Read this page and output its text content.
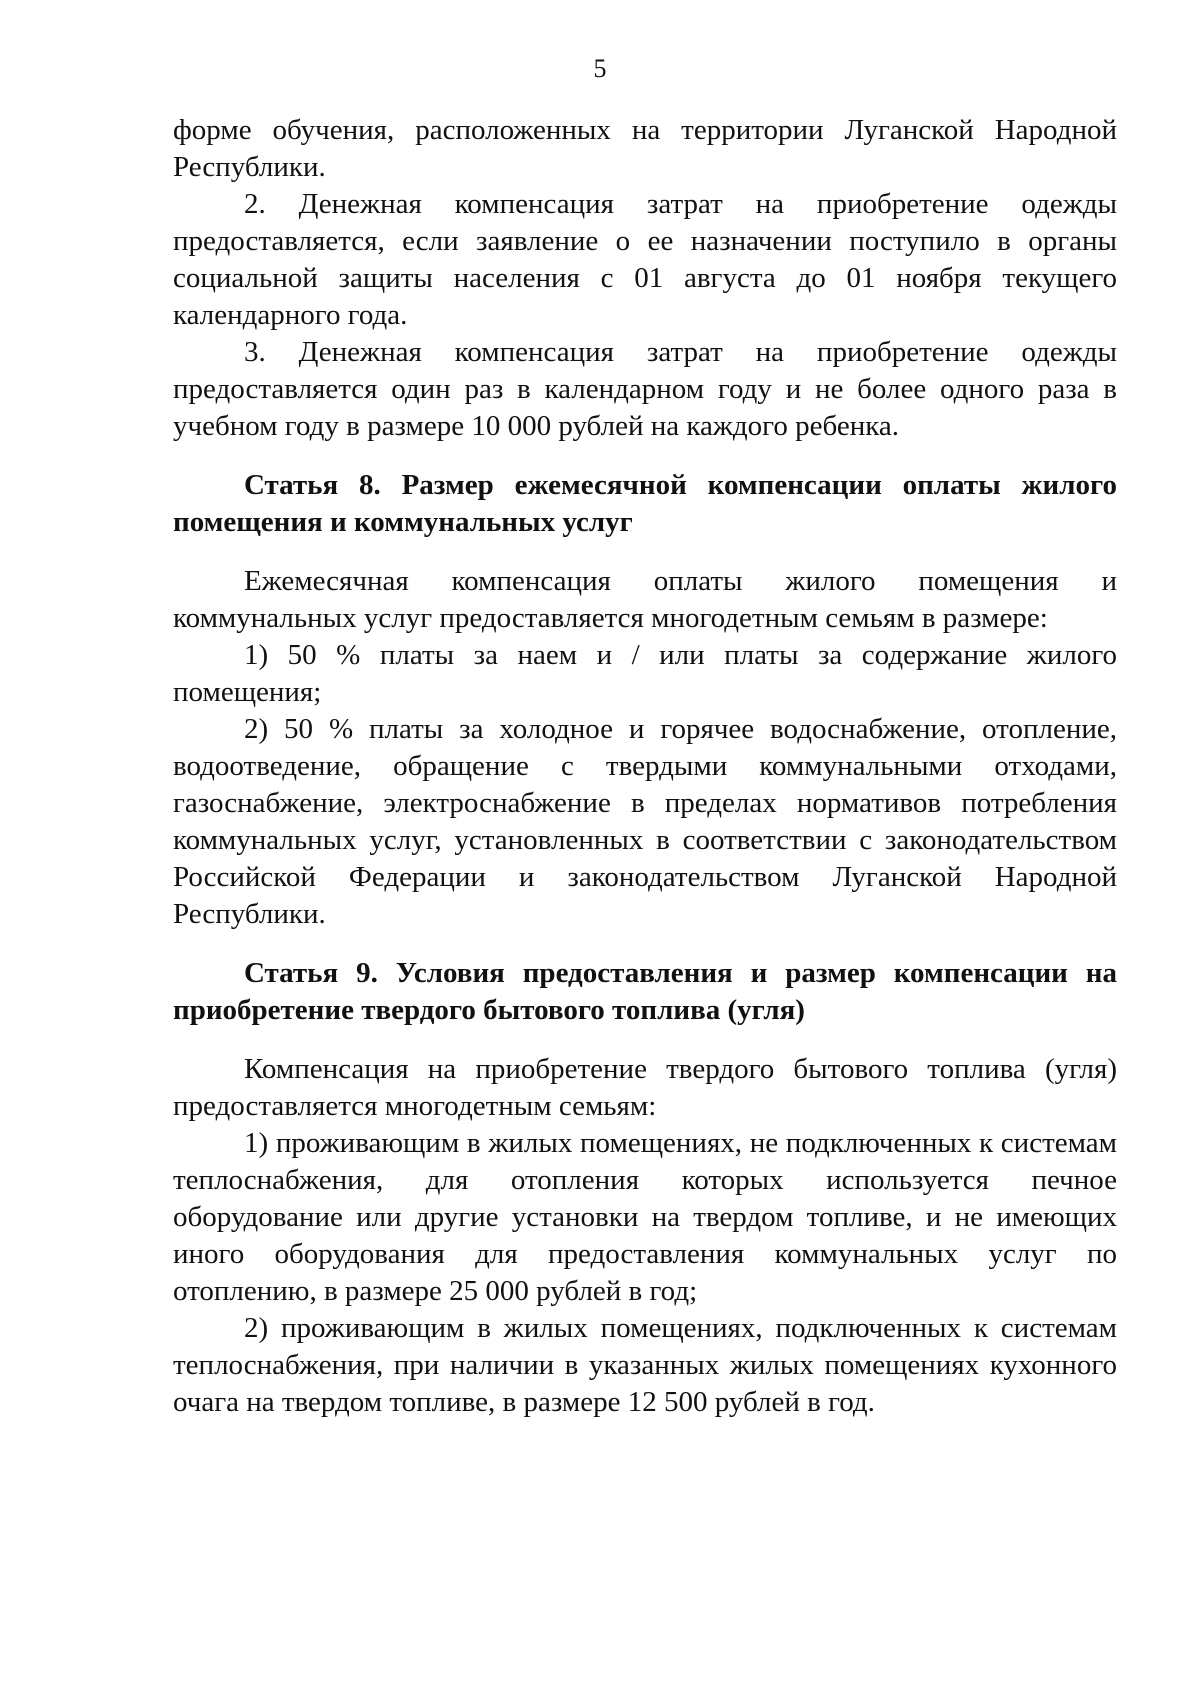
5

форме обучения, расположенных на территории Луганской Народной Республики.

2. Денежная компенсация затрат на приобретение одежды предоставляется, если заявление о ее назначении поступило в органы социальной защиты населения с 01 августа до 01 ноября текущего календарного года.

3. Денежная компенсация затрат на приобретение одежды предоставляется один раз в календарном году и не более одного раза в учебном году в размере 10 000 рублей на каждого ребенка.

Статья 8. Размер ежемесячной компенсации оплаты жилого помещения и коммунальных услуг

Ежемесячная компенсация оплаты жилого помещения и коммунальных услуг предоставляется многодетным семьям в размере:

1) 50 % платы за наем и / или платы за содержание жилого помещения;

2) 50 % платы за холодное и горячее водоснабжение, отопление, водоотведение, обращение с твердыми коммунальными отходами, газоснабжение, электроснабжение в пределах нормативов потребления коммунальных услуг, установленных в соответствии с законодательством Российской Федерации и законодательством Луганской Народной Республики.

Статья 9. Условия предоставления и размер компенсации на приобретение твердого бытового топлива (угля)

Компенсация на приобретение твердого бытового топлива (угля) предоставляется многодетным семьям:

1) проживающим в жилых помещениях, не подключенных к системам теплоснабжения, для отопления которых используется печное оборудование или другие установки на твердом топливе, и не имеющих иного оборудования для предоставления коммунальных услуг по отоплению, в размере 25 000 рублей в год;

2) проживающим в жилых помещениях, подключенных к системам теплоснабжения, при наличии в указанных жилых помещениях кухонного очага на твердом топливе, в размере 12 500 рублей в год.
